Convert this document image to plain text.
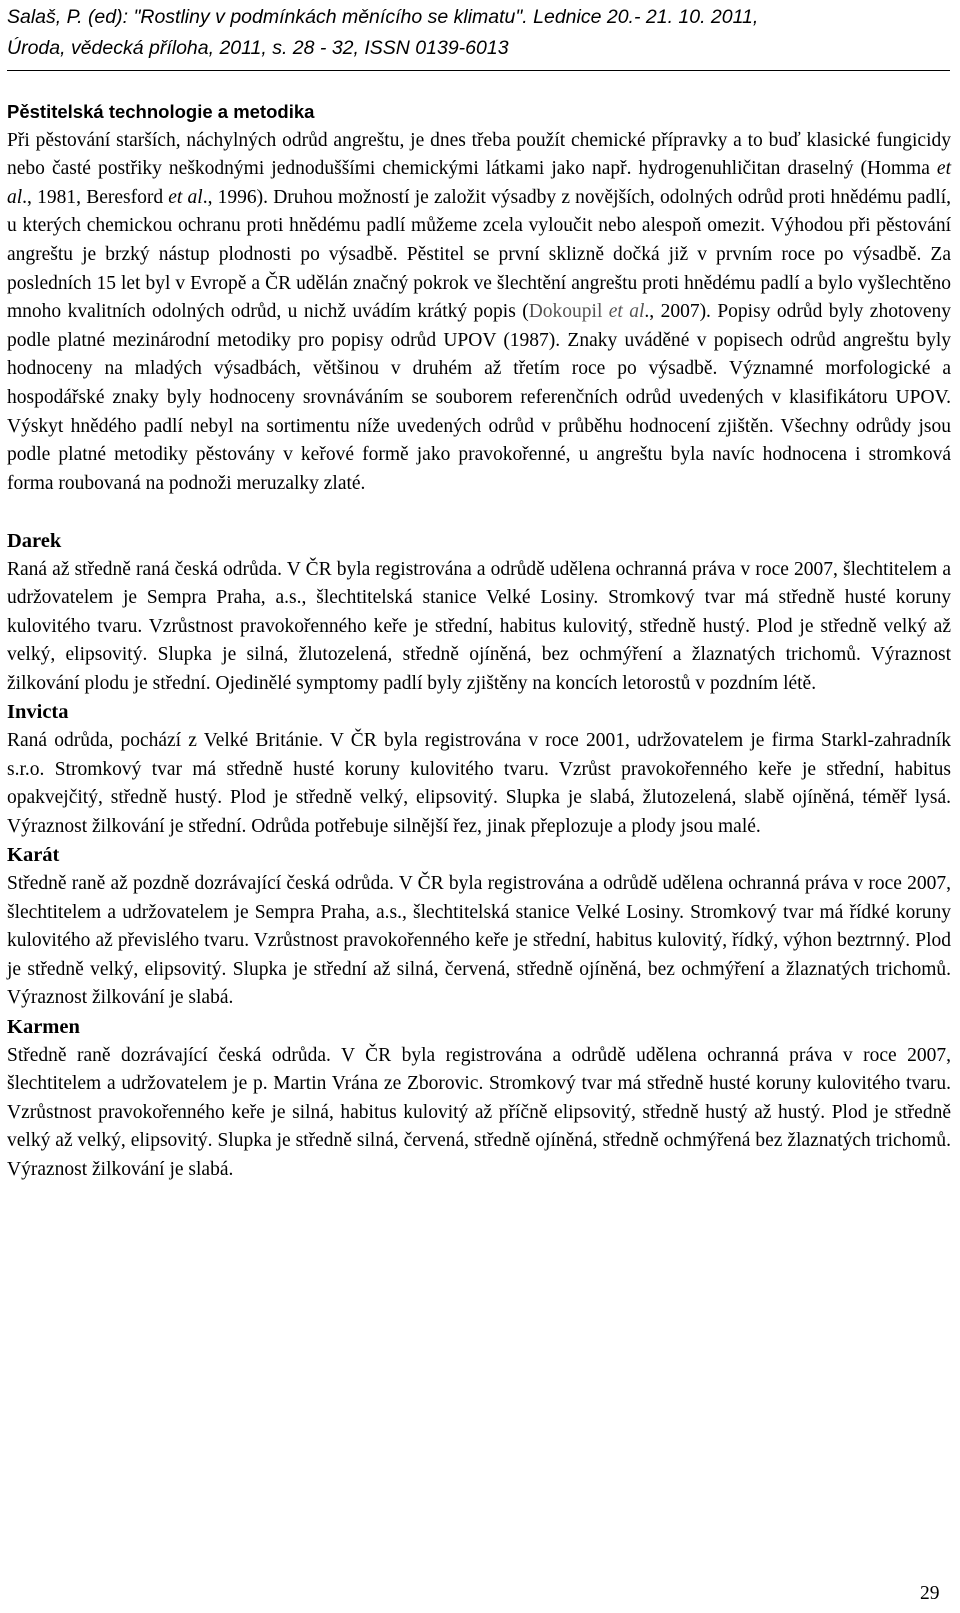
Salaš, P. (ed): "Rostliny v podmínkách měnícího se klimatu". Lednice 20.- 21. 10. 2011,
Úroda, vědecká příloha, 2011, s. 28 - 32, ISSN 0139-6013
Pěstitelská technologie a metodika

Při pěstování starších, náchylných odrůd angreštu, je dnes třeba použít chemické přípravky a to buď klasické fungicidy nebo časté postřiky neškodnými jednoduššími chemickými látkami jako např. hydrogenuhličitan draselný (Homma et al., 1981, Beresford et al., 1996). Druhou možností je založit výsadby z novějších, odolných odrůd proti hnědému padlí, u kterých chemickou ochranu proti hnědému padlí můžeme zcela vyloučit nebo alespoň omezit. Výhodou při pěstování angreštu je brzký nástup plodnosti po výsadbě. Pěstitel se první sklizně dočká již v prvním roce po výsadbě. Za posledních 15 let byl v Evropě a ČR udělán značný pokrok ve šlechtění angreštu proti hnědému padlí a bylo vyšlechtěno mnoho kvalitních odolných odrůd, u nichž uvádím krátký popis (Dokoupil et al., 2007). Popisy odrůd byly zhotoveny podle platné mezinárodní metodiky pro popisy odrůd UPOV (1987). Znaky uváděné v popisech odrůd angreštu byly hodnoceny na mladých výsadbách, většinou v druhém až třetím roce po výsadbě. Významné morfologické a hospodářské znaky byly hodnoceny srovnáváním se souborem referenčních odrůd uvedených v klasifikátoru UPOV. Výskyt hnědého padlí nebyl na sortimentu níže uvedených odrůd v průběhu hodnocení zjištěn. Všechny odrůdy jsou podle platné metodiky pěstovány v keřové formě jako pravokořenné, u angreštu byla navíc hodnocena i stromková forma roubovaná na podnoži meruzalky zlaté.

Darek

Raná až středně raná česká odrůda. V ČR byla registrována a odrůdě udělena ochranná práva v roce 2007, šlechtitelem a udržovatelem je Sempra Praha, a.s., šlechtitelská stanice Velké Losiny. Stromkový tvar má středně husté koruny kulovitého tvaru. Vzrůstnost pravokořenného keře je střední, habitus kulovitý, středně hustý. Plod je středně velký až velký, elipsovitý. Slupka je silná, žlutozelená, středně ojíněná, bez ochmýření a žlaznatých trichomů. Výraznost žilkování plodu je střední. Ojedinělé symptomy padlí byly zjištěny na koncích letorostů v pozdním létě.

Invicta

Raná odrůda, pochází z Velké Británie. V ČR byla registrována v roce 2001, udržovatelem je firma Starkl-zahradník s.r.o. Stromkový tvar má středně husté koruny kulovitého tvaru. Vzrůst pravokořenného keře je střední, habitus opakvejčitý, středně hustý. Plod je středně velký, elipsovitý. Slupka je slabá, žlutozelená, slabě ojíněná, téměř lysá. Výraznost žilkování je střední. Odrůda potřebuje silnější řez, jinak přeplozuje a plody jsou malé.

Karát

Středně raně až pozdně dozrávající česká odrůda. V ČR byla registrována a odrůdě udělena ochranná práva v roce 2007, šlechtitelem a udržovatelem je Sempra Praha, a.s., šlechtitelská stanice Velké Losiny. Stromkový tvar má řídké koruny kulovitého až převislého tvaru. Vzrůstnost pravokořenného keře je střední, habitus kulovitý, řídký, výhon beztrnný. Plod je středně velký, elipsovitý. Slupka je střední až silná, červená, středně ojíněná, bez ochmýření a žlaznatých trichomů. Výraznost žilkování je slabá.

Karmen

Středně raně dozrávající česká odrůda. V ČR byla registrována a odrůdě udělena ochranná práva v roce 2007, šlechtitelem a udržovatelem je p. Martin Vrána ze Zborovic. Stromkový tvar má středně husté koruny kulovitého tvaru. Vzrůstnost pravokořenného keře je silná, habitus kulovitý až příčně elipsovitý, středně hustý až hustý. Plod je středně velký až velký, elipsovitý. Slupka je středně silná, červená, středně ojíněná, středně ochmýřená bez žlaznatých trichomů. Výraznost žilkování je slabá.

29
